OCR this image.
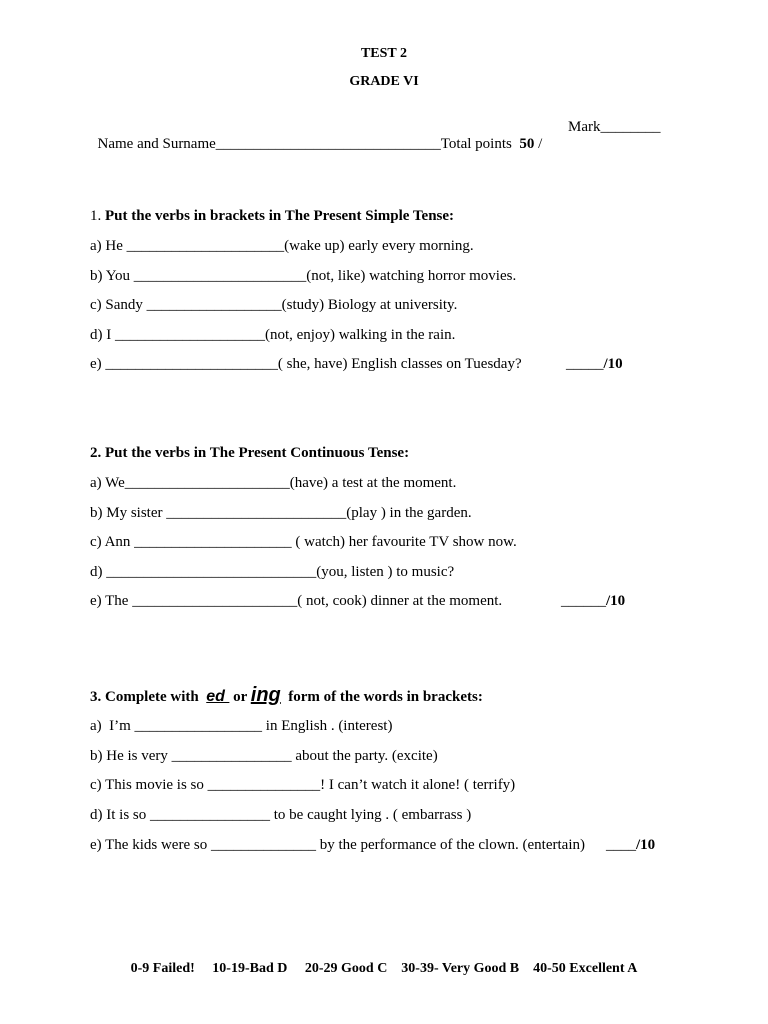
TEST 2
GRADE VI

Name and Surname______________________________Total points 50 /

Mark________
1. Put the verbs in brackets in The Present Simple Tense:
a) He _____________________(wake up) early every morning.
b) You _______________________(not, like) watching horror movies.
c) Sandy __________________(study) Biology at university.
d) I ____________________(not, enjoy) walking in the rain.
e) _______________________( she, have) English classes on Tuesday?	_____/10
2. Put the verbs in The Present Continuous Tense:
a) We______________________(have) a test at the moment.
b) My sister ________________________(play ) in the garden.
c) Ann _____________________ ( watch) her favourite TV show now.
d) ____________________________(you, listen ) to music?
e) The ______________________( not, cook) dinner at the moment.	______/10
3. Complete with  ed  or ing  form of the words in brackets:
a)  I’m _________________ in English . (interest)
b) He is very ________________ about the party. (excite)
c) This movie is so _______________! I can’t watch it alone! ( terrify)
d) It is so ________________ to be caught lying . ( embarrass )
e) The kids were so ______________ by the performance of the clown. (entertain) ____/10
0-9 Failed!     10-19-Bad D     20-29 Good C    30-39- Very Good B    40-50 Excellent A
